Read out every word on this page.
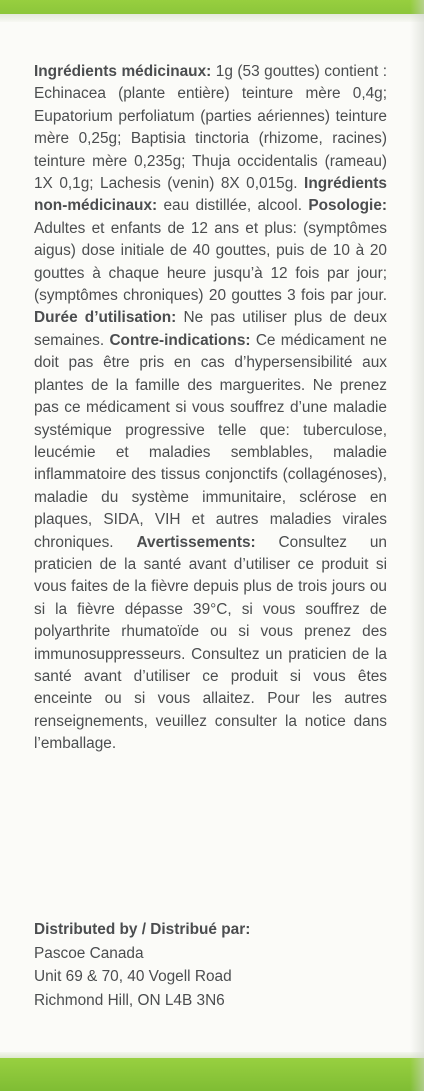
Ingrédients médicinaux: 1g (53 gouttes) contient : Echinacea (plante entière) teinture mère 0,4g; Eupatorium perfoliatum (parties aériennes) teinture mère 0,25g; Baptisia tinctoria (rhizome, racines) teinture mère 0,235g; Thuja occidentalis (rameau) 1X 0,1g; Lachesis (venin) 8X 0,015g. Ingrédients non-médicinaux: eau distillée, alcool. Posologie: Adultes et enfants de 12 ans et plus: (symptômes aigus) dose initiale de 40 gouttes, puis de 10 à 20 gouttes à chaque heure jusqu’à 12 fois par jour; (symptômes chroniques) 20 gouttes 3 fois par jour. Durée d’utilisation: Ne pas utiliser plus de deux semaines. Contre-indications: Ce médicament ne doit pas être pris en cas d’hypersensibilité aux plantes de la famille des marguerites. Ne prenez pas ce médicament si vous souffrez d’une maladie systémique progressive telle que: tuberculose, leucémie et maladies semblables, maladie inflammatoire des tissus conjonctifs (collagénoses), maladie du système immunitaire, sclérose en plaques, SIDA, VIH et autres maladies virales chroniques. Avertissements: Consultez un praticien de la santé avant d’utiliser ce produit si vous faites de la fièvre depuis plus de trois jours ou si la fièvre dépasse 39°C, si vous souffrez de polyarthrite rhumatoïde ou si vous prenez des immunosuppresseurs. Consultez un praticien de la santé avant d’utiliser ce produit si vous êtes enceinte ou si vous allaitez. Pour les autres renseignements, veuillez consulter la notice dans l’emballage.
Distributed by / Distribué par:
Pascoe Canada
Unit 69 & 70, 40 Vogell Road
Richmond Hill, ON L4B 3N6
